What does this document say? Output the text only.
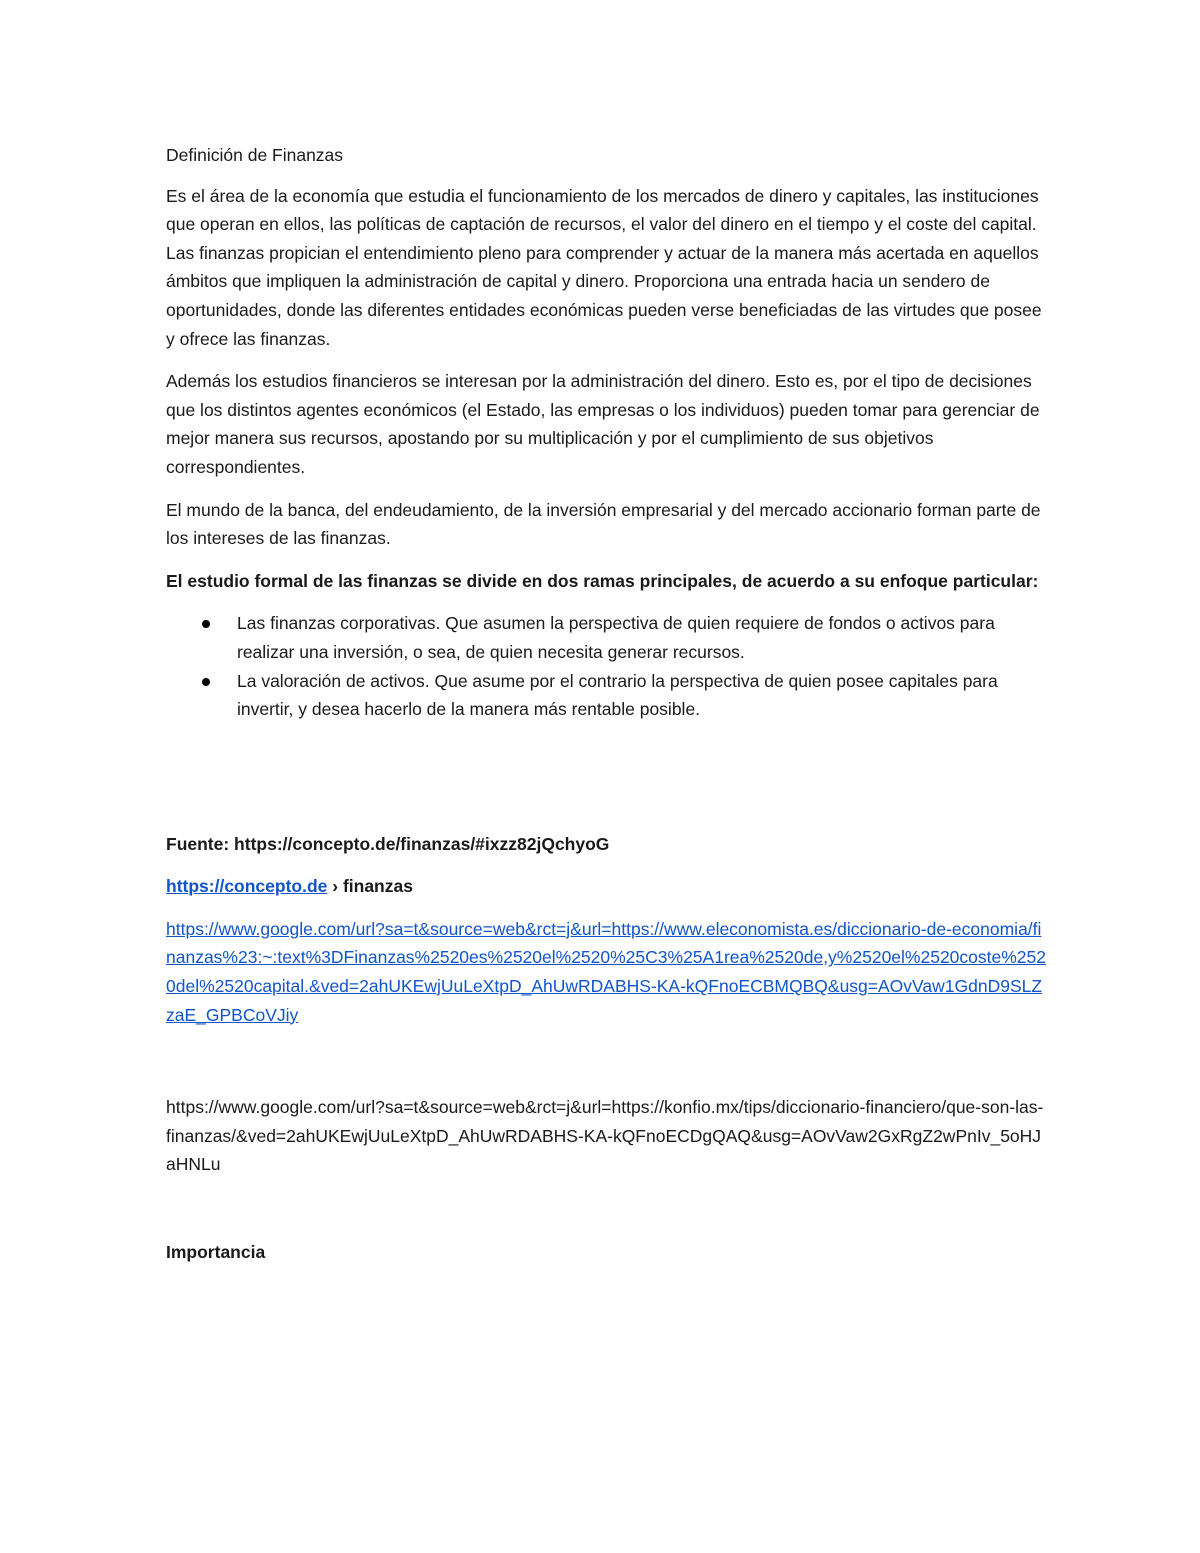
Definición de Finanzas

Es el área de la economía que estudia el funcionamiento de los mercados de dinero y capitales, las instituciones que operan en ellos, las políticas de captación de recursos, el valor del dinero en el tiempo y el coste del capital. Las finanzas propician el entendimiento pleno para comprender y actuar de la manera más acertada en aquellos ámbitos que impliquen la administración de capital y dinero. Proporciona una entrada hacia un sendero de oportunidades, donde las diferentes entidades económicas pueden verse beneficiadas de las virtudes que posee y ofrece las finanzas.

Además los estudios financieros se interesan por la administración del dinero. Esto es, por el tipo de decisiones que los distintos agentes económicos (el Estado, las empresas o los individuos) pueden tomar para gerenciar de mejor manera sus recursos, apostando por su multiplicación y por el cumplimiento de sus objetivos correspondientes.

El mundo de la banca, del endeudamiento, de la inversión empresarial y del mercado accionario forman parte de los intereses de las finanzas.

El estudio formal de las finanzas se divide en dos ramas principales, de acuerdo a su enfoque particular:

Las finanzas corporativas. Que asumen la perspectiva de quien requiere de fondos o activos para realizar una inversión, o sea, de quien necesita generar recursos.
La valoración de activos. Que asume por el contrario la perspectiva de quien posee capitales para invertir, y desea hacerlo de la manera más rentable posible.

Fuente: https://concepto.de/finanzas/#ixzz82jQchyoG

https://concepto.de › finanzas

https://www.google.com/url?sa=t&source=web&rct=j&url=https://www.eleconomista.es/diccionario-de-economia/finanzas%23:~:text%3DFinanzas%2520es%2520el%2520%25C3%25A1rea%2520de,y%2520el%2520coste%2520del%2520capital.&ved=2ahUKEwjUuLeXtpD_AhUwRDABHS-KA-kQFnoECBMQBQ&usg=AOvVaw1GdnD9SLZzaE_GPBCoVJiy

https://www.google.com/url?sa=t&source=web&rct=j&url=https://konfio.mx/tips/diccionario-financiero/que-son-las-finanzas/&ved=2ahUKEwjUuLeXtpD_AhUwRDABHS-KA-kQFnoECDgQAQ&usg=AOvVaw2GxRgZ2wPnIv_5oHJaHNLu

Importancia
